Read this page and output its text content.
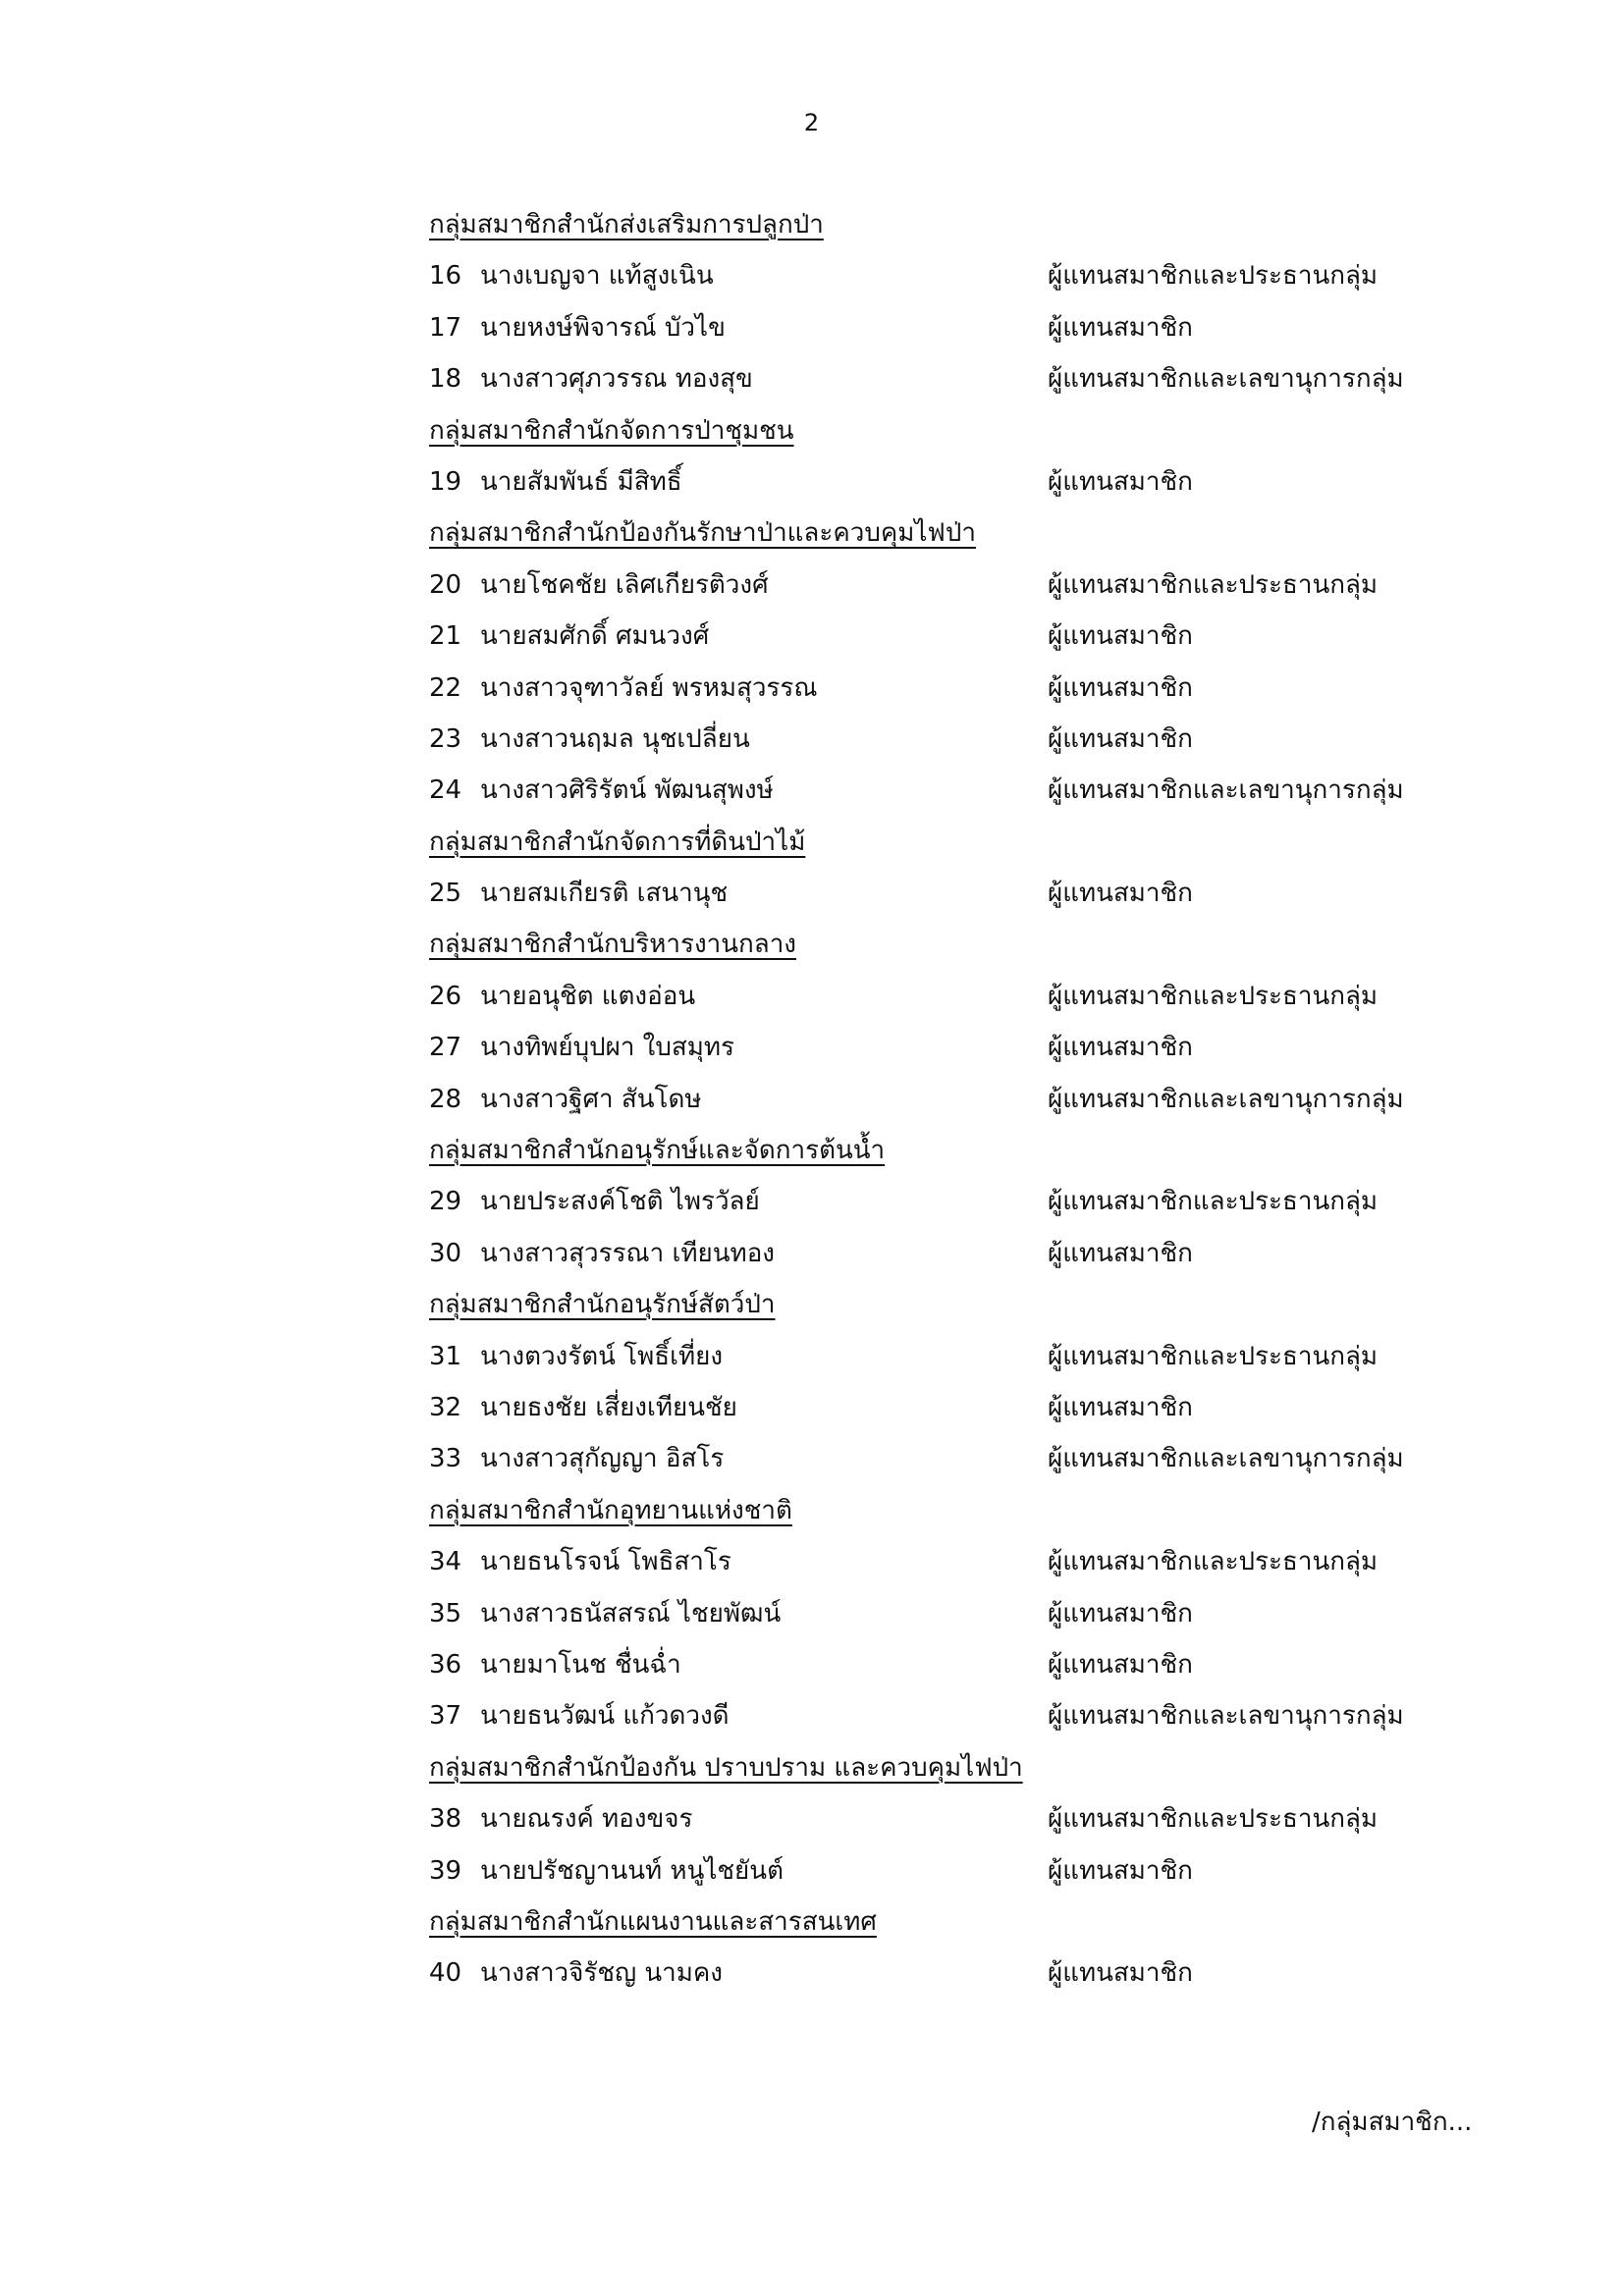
2
กลุ่มสมาชิกสำนักส่งเสริมการปลูกป่า
16 นางเบญจา แท้สูงเนิน	ผู้แทนสมาชิกและประธานกลุ่ม
17 นายหงษ์พิจารณ์ บัวไข	ผู้แทนสมาชิก
18 นางสาวศุภวรรณ ทองสุข	ผู้แทนสมาชิกและเลขานุการกลุ่ม
กลุ่มสมาชิกสำนักจัดการป่าชุมชน
19 นายสัมพันธ์ มีสิทธิ์	ผู้แทนสมาชิก
กลุ่มสมาชิกสำนักป้องกันรักษาป่าและควบคุมไฟป่า
20 นายโชคชัย เลิศเกียรติวงศ์	ผู้แทนสมาชิกและประธานกลุ่ม
21 นายสมศักดิ์ ศมนวงศ์	ผู้แทนสมาชิก
22 นางสาวจุฑาวัลย์ พรหมสุวรรณ	ผู้แทนสมาชิก
23 นางสาวนฤมล นุชเปลี่ยน	ผู้แทนสมาชิก
24 นางสาวศิริรัตน์ พัฒนสุพงษ์	ผู้แทนสมาชิกและเลขานุการกลุ่ม
กลุ่มสมาชิกสำนักจัดการที่ดินป่าไม้
25 นายสมเกียรติ เสนานุช	ผู้แทนสมาชิก
กลุ่มสมาชิกสำนักบริหารงานกลาง
26 นายอนุชิต แตงอ่อน	ผู้แทนสมาชิกและประธานกลุ่ม
27 นางทิพย์บุปผา ใบสมุทร	ผู้แทนสมาชิก
28 นางสาวฐิศา สันโดษ	ผู้แทนสมาชิกและเลขานุการกลุ่ม
กลุ่มสมาชิกสำนักอนุรักษ์และจัดการต้นน้ำ
29 นายประสงค์โชติ ไพรวัลย์	ผู้แทนสมาชิกและประธานกลุ่ม
30 นางสาวสุวรรณา เทียนทอง	ผู้แทนสมาชิก
กลุ่มสมาชิกสำนักอนุรักษ์สัตว์ป่า
31 นางตวงรัตน์ โพธิ์เที่ยง	ผู้แทนสมาชิกและประธานกลุ่ม
32 นายธงชัย เสี่ยงเทียนชัย	ผู้แทนสมาชิก
33 นางสาวสุกัญญา อิสโร	ผู้แทนสมาชิกและเลขานุการกลุ่ม
กลุ่มสมาชิกสำนักอุทยานแห่งชาติ
34 นายธนโรจน์ โพธิสาโร	ผู้แทนสมาชิกและประธานกลุ่ม
35 นางสาวธนัสสรณ์ ไชยพัฒน์	ผู้แทนสมาชิก
36 นายมาโนช ชื่นฉ่ำ	ผู้แทนสมาชิก
37 นายธนวัฒน์ แก้วดวงดี	ผู้แทนสมาชิกและเลขานุการกลุ่ม
กลุ่มสมาชิกสำนักป้องกัน ปราบปราม และควบคุมไฟป่า
38 นายณรงค์ ทองขจร	ผู้แทนสมาชิกและประธานกลุ่ม
39 นายปรัชญานนท์ หนูไชยันต์	ผู้แทนสมาชิก
กลุ่มสมาชิกสำนักแผนงานและสารสนเทศ
40 นางสาวจิรัชญ นามคง	ผู้แทนสมาชิก
/กลุ่มสมาชิก...
